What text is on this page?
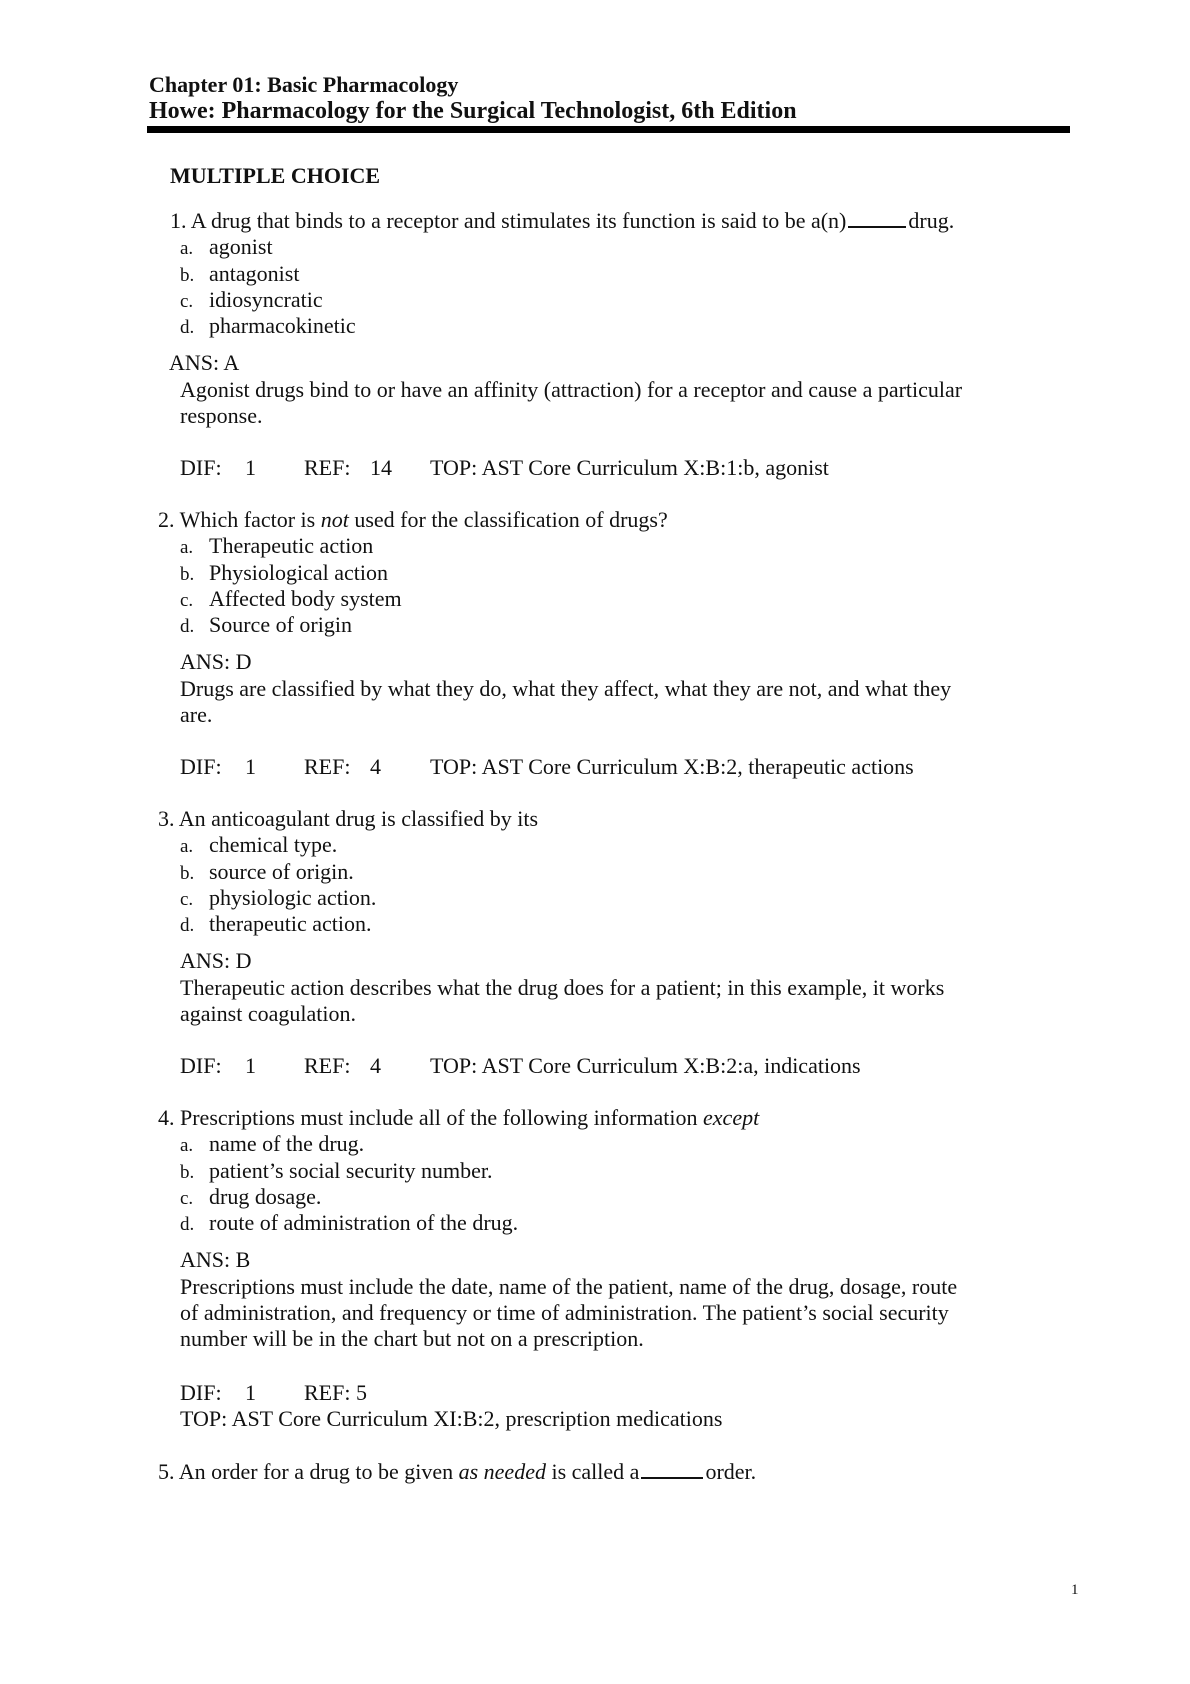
Chapter 01: Basic Pharmacology
Howe: Pharmacology for the Surgical Technologist, 6th Edition
MULTIPLE CHOICE
1. A drug that binds to a receptor and stimulates its function is said to be a(n)	drug.
a. agonist
b. antagonist
c. idiosyncratic
d. pharmacokinetic
ANS: A
Agonist drugs bind to or have an affinity (attraction) for a receptor and cause a particular
response.
DIF: 1 REF: 14 TOP: AST Core Curriculum X:B:1:b, agonist
2. Which factor is not used for the classification of drugs?
a. Therapeutic action
b. Physiological action
c. Affected body system
d. Source of origin
ANS: D
Drugs are classified by what they do, what they affect, what they are not, and what they
are.
DIF: 1 REF: 4 TOP: AST Core Curriculum X:B:2, therapeutic actions
3. An anticoagulant drug is classified by its
a. chemical type.
b. source of origin.
c. physiologic action.
d. therapeutic action.
ANS: D
Therapeutic action describes what the drug does for a patient; in this example, it works
against coagulation.
DIF: 1 REF: 4 TOP: AST Core Curriculum X:B:2:a, indications
4. Prescriptions must include all of the following information except
a. name of the drug.
b. patient’s social security number.
c. drug dosage.
d. route of administration of the drug.
ANS: B
Prescriptions must include the date, name of the patient, name of the drug, dosage, route
of administration, and frequency or time of administration. The patient’s social security
number will be in the chart but not on a prescription.
DIF: 1 REF: 5
TOP: AST Core Curriculum XI:B:2, prescription medications
5. An order for a drug to be given as needed is called a	order.
1
